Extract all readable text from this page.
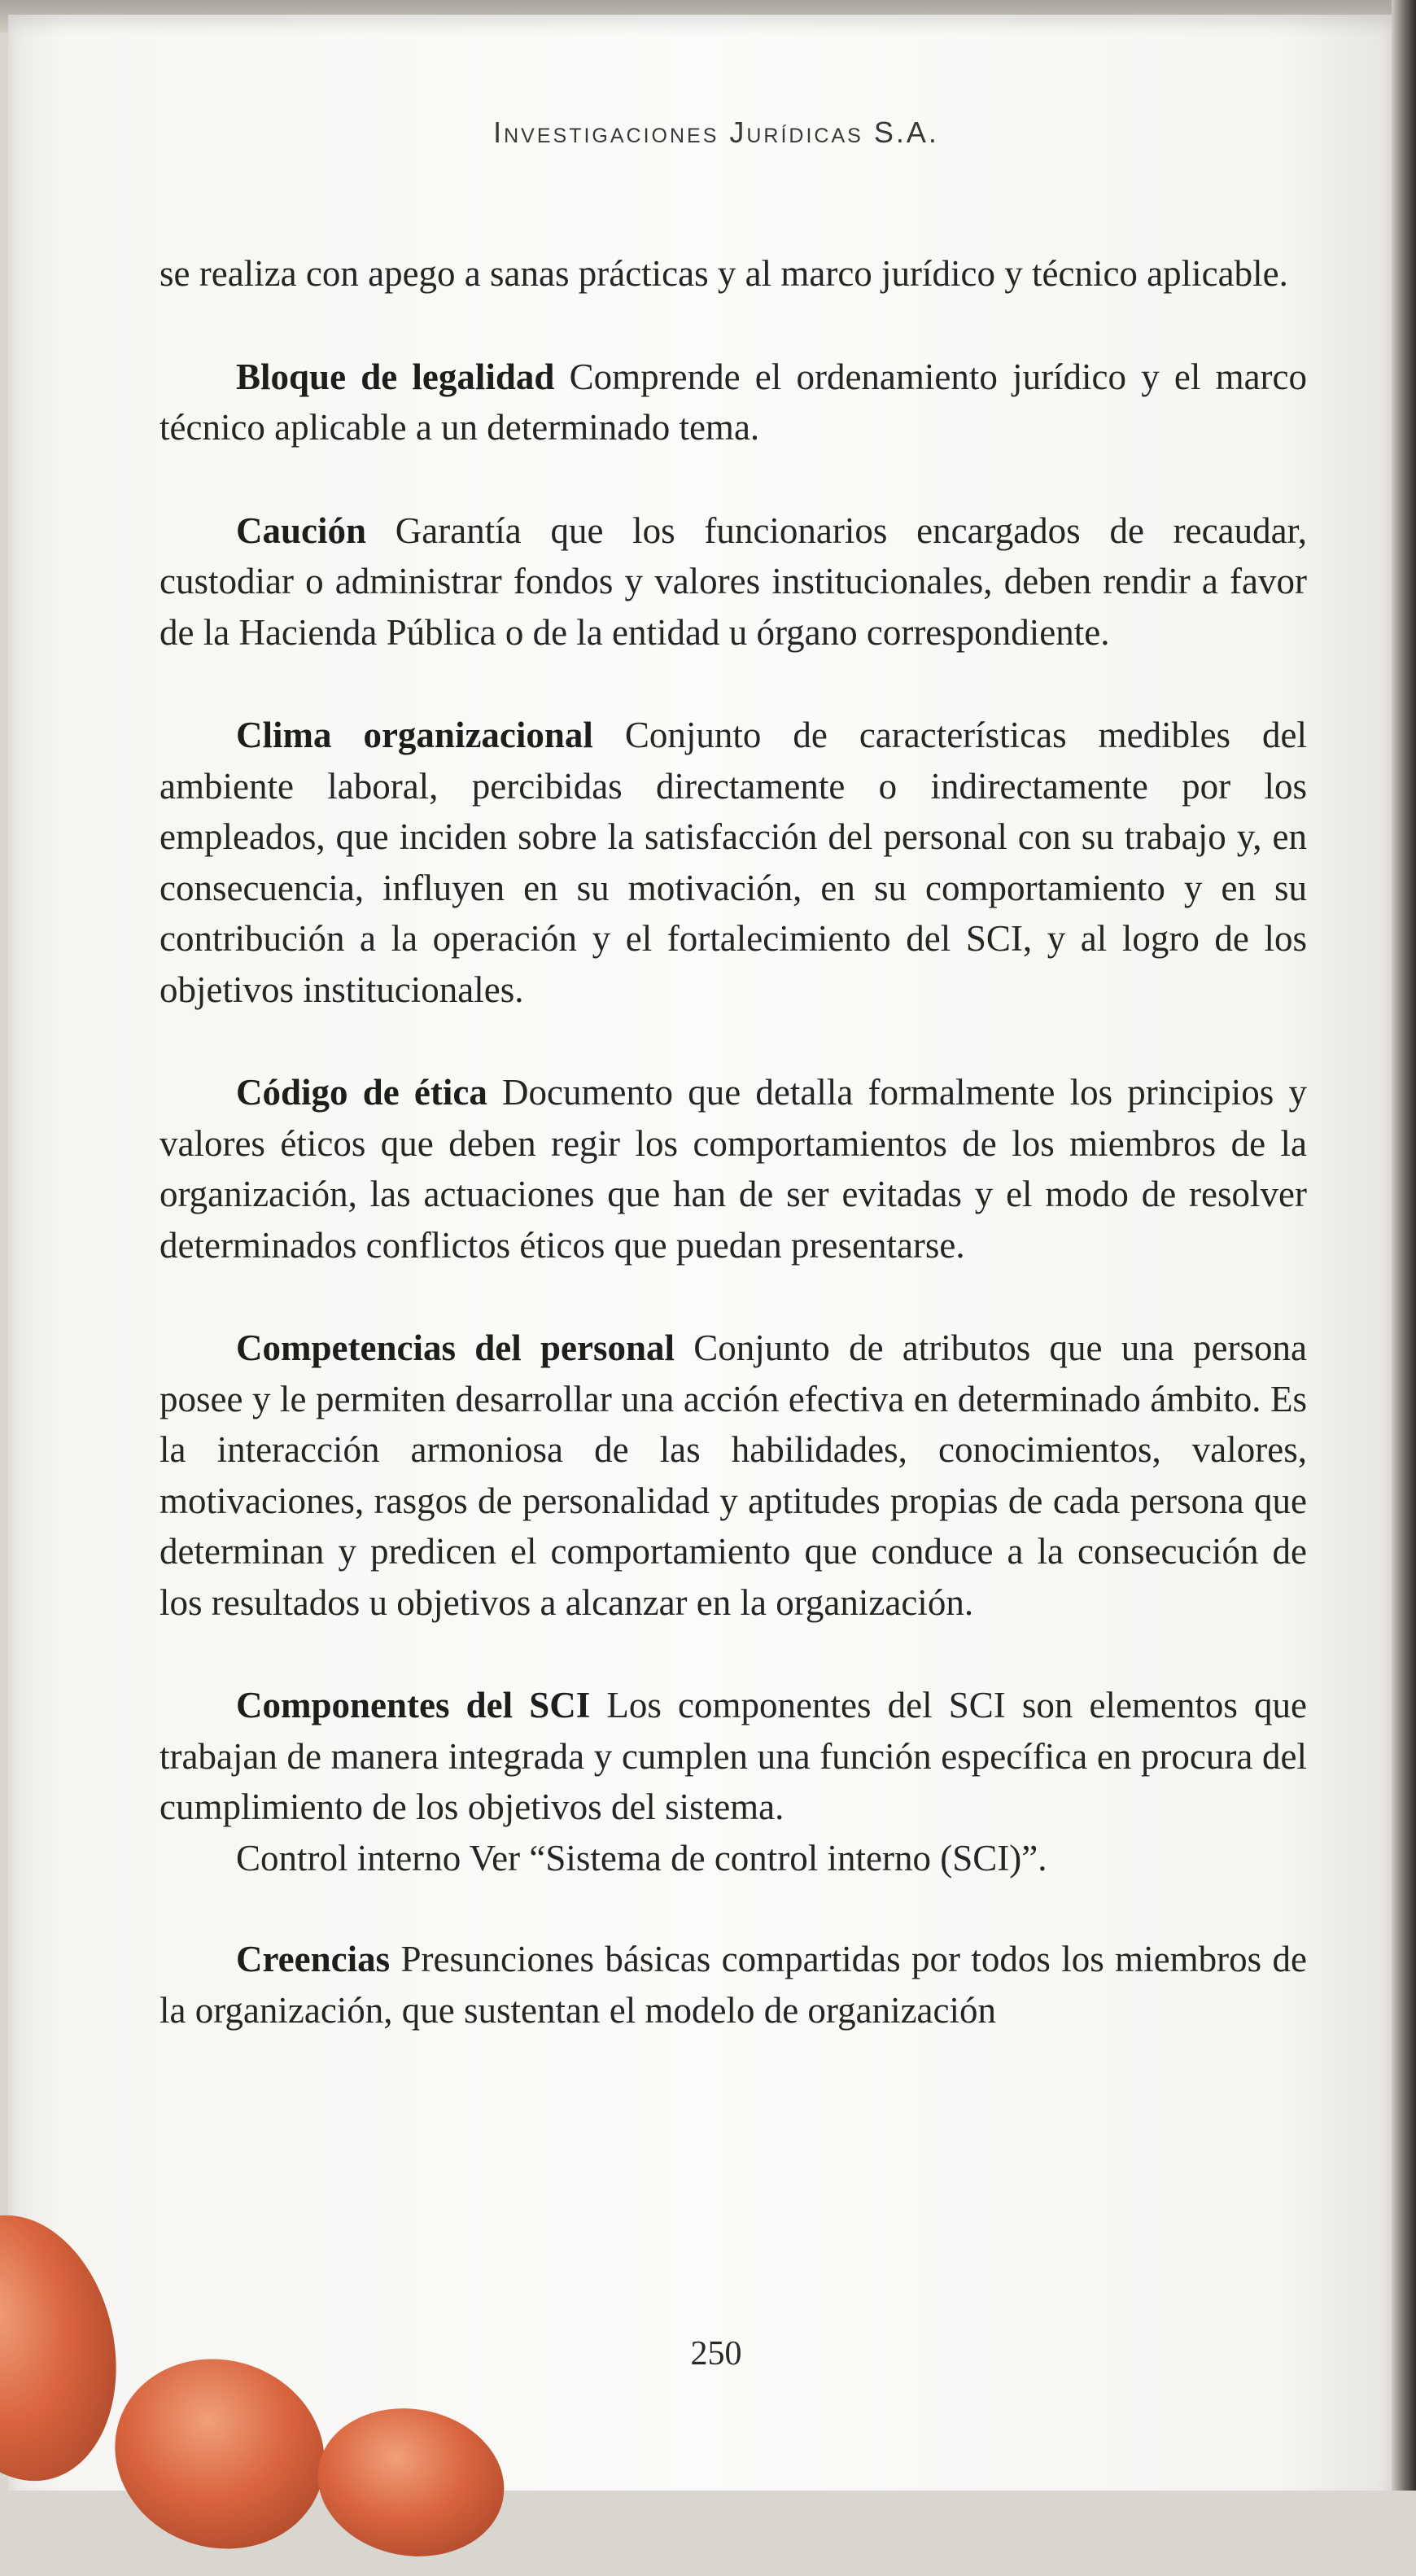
Investigaciones Jurídicas S.A.

se realiza con apego a sanas prácticas y al marco jurídico y técnico aplicable.

Bloque de legalidad Comprende el ordenamiento jurídico y el marco técnico aplicable a un determinado tema.

Caución Garantía que los funcionarios encargados de recaudar, custodiar o administrar fondos y valores institucionales, deben rendir a favor de la Hacienda Pública o de la entidad u órgano correspondiente.

Clima organizacional Conjunto de características medibles del ambiente laboral, percibidas directamente o indirectamente por los empleados, que inciden sobre la satisfacción del personal con su trabajo y, en consecuencia, influyen en su motivación, en su comportamiento y en su contribución a la operación y el fortalecimiento del SCI, y al logro de los objetivos institucionales.

Código de ética Documento que detalla formalmente los principios y valores éticos que deben regir los comportamientos de los miembros de la organización, las actuaciones que han de ser evitadas y el modo de resolver determinados conflictos éticos que puedan presentarse.

Competencias del personal Conjunto de atributos que una persona posee y le permiten desarrollar una acción efectiva en determinado ámbito. Es la interacción armoniosa de las habilidades, conocimientos, valores, motivaciones, rasgos de personalidad y aptitudes propias de cada persona que determinan y predicen el comportamiento que conduce a la consecución de los resultados u objetivos a alcanzar en la organización.

Componentes del SCI Los componentes del SCI son elementos que trabajan de manera integrada y cumplen una función específica en procura del cumplimiento de los objetivos del sistema.

Control interno Ver “Sistema de control interno (SCI)”.

Creencias Presunciones básicas compartidas por todos los miembros de la organización, que sustentan el modelo de organización

250
